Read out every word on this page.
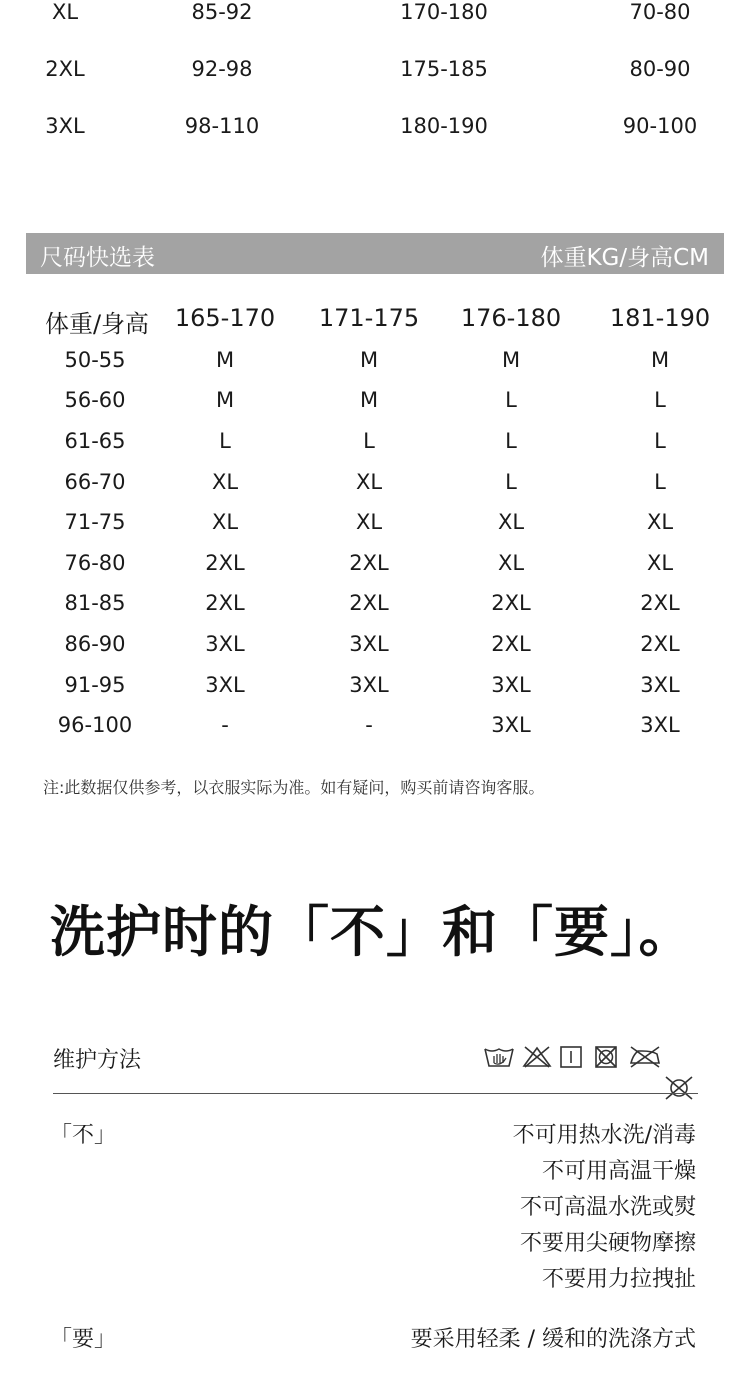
XL	85-92	170-180	70-80
2XL	92-98	175-185	80-90
3XL	98-110	180-190	90-100
尺码快选表	体重KG/身高CM
体重/身高 165-170 171-175 176-180 181-190
50-55	M	M	M	M
56-60	M	M	L	L
61-65	L	L	L	L
66-70	XL	XL	L	L
71-75	XL	XL	XL	XL
76-80	2XL	2XL	XL	XL
81-85	2XL	2XL	2XL	2XL
86-90	3XL	3XL	2XL	2XL
91-95	3XL	3XL	3XL	3XL
96-100	-	-	3XL	3XL
注:此数据仅供参考，以衣服实际为准。如有疑问，购买前请咨询客服。
洗护时的「不」和「要」。
维护方法
「不」	不可用热水洗/消毒
不可用高温干燥
不可高温水洗或熨
不要用尖硬物摩擦
不要用力拉拽扯
「要」	要采用轻柔 / 缓和的洗涤方式
